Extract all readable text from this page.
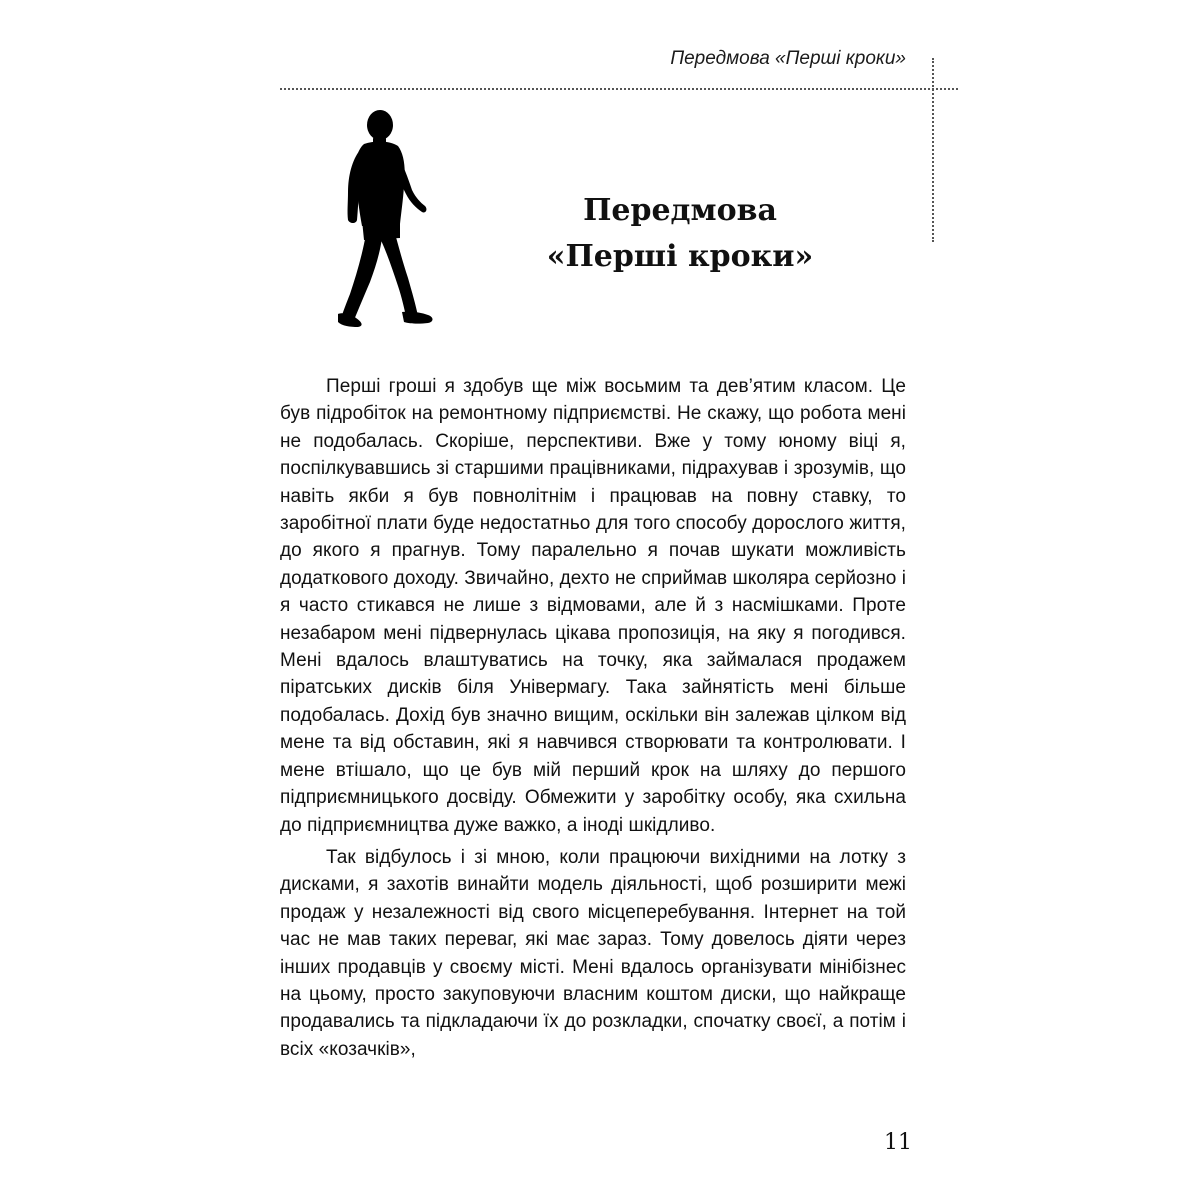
Передмова «Перші кроки»
Передмова
«Перші кроки»

Перші гроші я здобув ще між восьмим та дев’ятим класом. Це був підробіток на ремонтному підприємстві. Не скажу, що робота мені не подобалась. Скоріше, перспективи. Вже у тому юному віці я, поспілкувавшись зі старшими працівниками, підрахував і зрозумів, що навіть якби я був повнолітнім і працював на повну ставку, то заробітної плати буде недостатньо для того способу дорослого життя, до якого я прагнув. Тому паралельно я почав шукати можливість додаткового доходу. Звичайно, дехто не сприймав школяра серйозно і я часто стикався не лише з відмовами, але й з насмішками. Проте незабаром мені підвернулась цікава пропозиція, на яку я погодився. Мені вдалось влаштуватись на точку, яка займалася продажем піратських дисків біля Універмагу. Така зайнятість мені більше подобалась. Дохід був значно вищим, оскільки він залежав цілком від мене та від обставин, які я навчився створювати та контролювати. І мене втішало, що це був мій перший крок на шляху до першого підприємницького досвіду. Обмежити у заробітку особу, яка схильна до підприємництва дуже важко, а іноді шкідливо.

Так відбулось і зі мною, коли працюючи вихідними на лотку з дисками, я захотів винайти модель діяльності, щоб розширити межі продаж у незалежності від свого місцеперебування. Інтернет на той час не мав таких переваг, які має зараз. Тому довелось діяти через інших продавців у своєму місті. Мені вдалось організувати мінібізнес на цьому, просто закуповуючи власним коштом диски, що найкраще продавались та підкладаючи їх до розкладки, спочатку своєї, а потім і всіх «козачків»,

11
